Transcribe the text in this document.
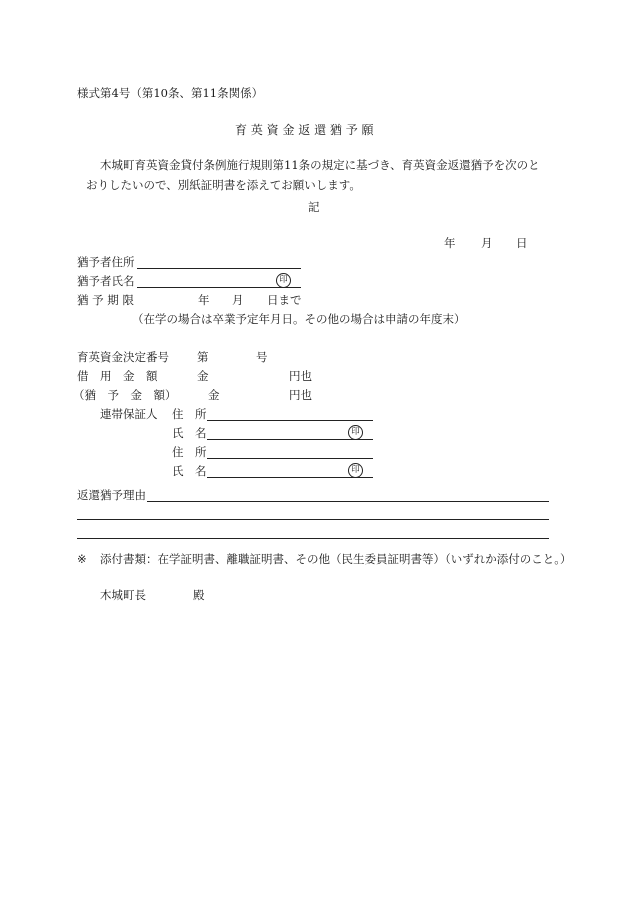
様式第4号（第10条、第11条関係）
育 英 資 金 返 還 猶 予 願
木城町育英資金貸付条例施行規則第11条の規定に基づき、育英資金返還猶予を次のと
おりしたいので、別紙証明書を添えてお願いします。
記
年 月 日
猶予者住所
猶予者氏名	印
猶 予 期 限	年 月 日まで
（在学の場合は卒業予定年月日。その他の場合は申請の年度末）
育英資金決定番号 第	号
借　用　金　額	金	円也
（猶　予　金　額）	金	円也
連帯保証人 住　所
氏　名	印
住　所
氏　名	印
返還猶予理由
※ 添付書類：在学証明書、離職証明書、その他（民生委員証明書等）（いずれか添付のこと。）
木城町長	殿
